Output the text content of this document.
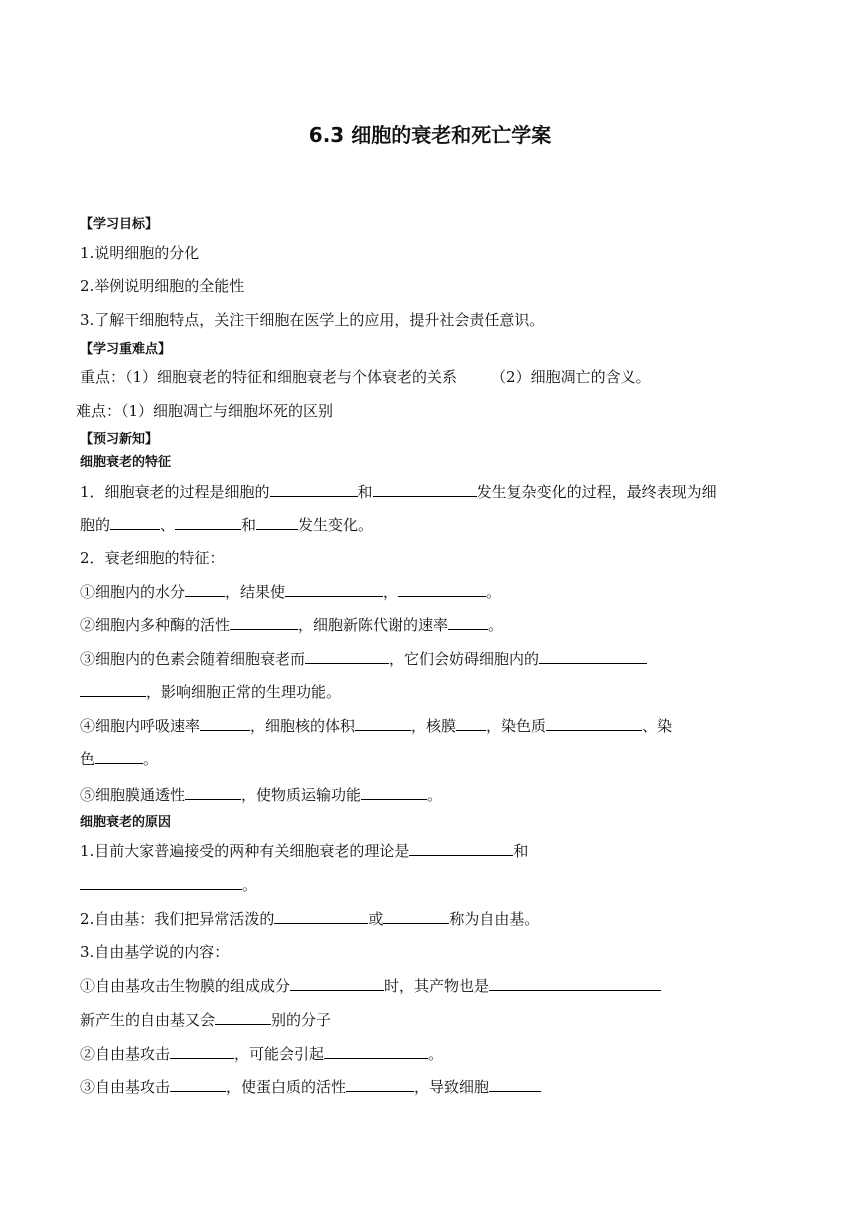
6.3 细胞的衰老和死亡学案
【学习目标】
1.说明细胞的分化
2.举例说明细胞的全能性
3.了解干细胞特点，关注干细胞在医学上的应用，提升社会责任意识。
【学习重难点】
重点：（1）细胞衰老的特征和细胞衰老与个体衰老的关系 （2）细胞凋亡的含义。
难点：（1）细胞凋亡与细胞坏死的区别
【预习新知】
细胞衰老的特征
1．细胞衰老的过程是细胞的	和	发生复杂变化的过程，最终表现为细
胞的	、	和	发生变化。
2．衰老细胞的特征：
①细胞内的水分	，结果使	，	。
②细胞内多种酶的活性	，细胞新陈代谢的速率	。
③细胞内的色素会随着细胞衰老而	，它们会妨碍细胞内的
，影响细胞正常的生理功能。
④细胞内呼吸速率	，细胞核的体积	，核膜 ，染色质	、染
色	。
⑤细胞膜通透性	，使物质运输功能	。
细胞衰老的原因
1.目前大家普遍接受的两种有关细胞衰老的理论是	和
。
2.自由基：我们把异常活泼的	或	称为自由基。
3.自由基学说的内容：
①自由基攻击生物膜的组成成分	时，其产物也是
新产生的自由基又会	别的分子
②自由基攻击	，可能会引起	。
③自由基攻击	，使蛋白质的活性	，导致细胞
